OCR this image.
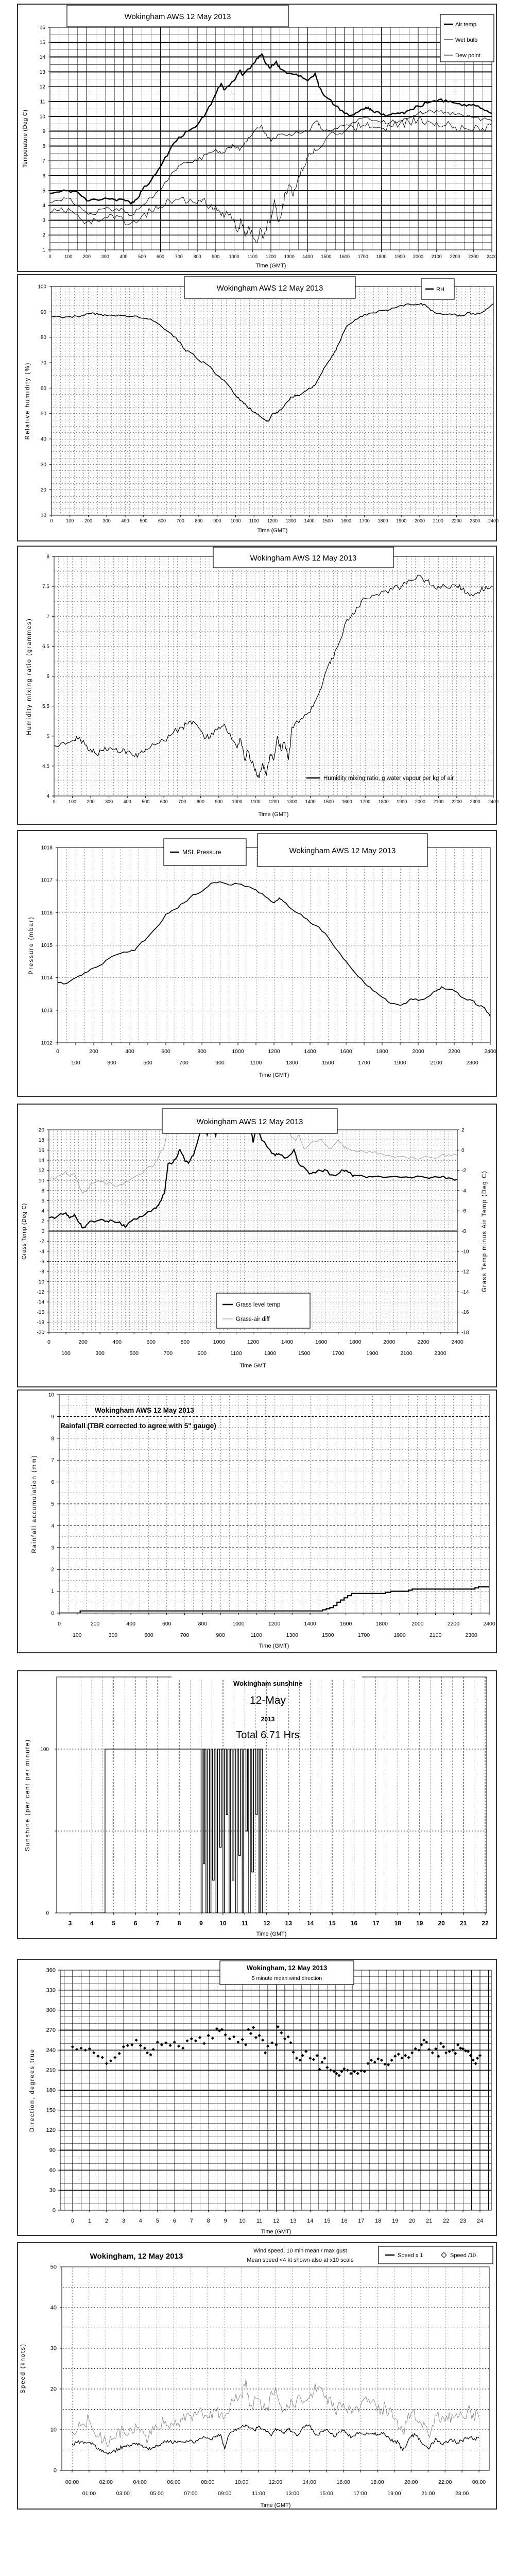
Wokingham AWS 12 May 2013
Air temp
Wet bulb
Dew point
0	100 200 300 400 500 600 700 800 900 1000 1100 1200 1300 1400 1500 1600 1700 1800 1900 2000 2100 2200 2300 2400
16
15
14
13
12
11
10
9
8
7
6
5
4
3
2
1
Time (GMT)
Temperature (Deg C)
Wokingham AWS 12 May 2013	RH
0	100 200 300 400 500 600 700 800 900 1000 1100 1200 1300 1400 1500 1600 1700 1800 1900 2000 2100 2200 2300 2400
100
90
80
70
60
50
40
30
20
10
Time (GMT)
Relative humidity (%)
Wokingham AWS 12 May 2013
Humidity mixing ratio, g water vapour per kg of air
0	100 200 300 400 500 600 700 800 900 1000 1100 1200 1300 1400 1500 1600 1700 1800 1900 2000 2100 2200 2300 2400
8
7.5
7
6.5
6
5.5
5
4.5
4
Time (GMT)
Humidity mixing ratio (grammes)
MSL Pressure	Wokingham AWS 12 May 2013
0
100
200
300
400
500
600
700
800
900
1000
1100
1200
1300
1400
1500
1600
1700
1800
1900
2000
2100
2200
2300
2400
1018
1017
1016
1015
1014
1013
1012
Time (GMT)
Pressure (mbar)
Wokingham AWS 12 May 2013
Grass level temp
Grass-air diff
0
100
200
300
400
500
600
700
800
900
1000
1100
1200
1300
1400
1500
1600
1700
1800
1900
2000
2100
2200
2300
2400
20
18
16
14
12
10
8
6
4
2
0
-2
-4
-6
-8
-10
-12
-14
-16
-18
-20
2
0
-2
-4
-6
-8
-10
-12
-14
-16
-18
Time GMT
Grass Temp (Deg C)	Grass Temp minus Air Temp (Deg C)
Wokingham AWS 12 May 2013
Rainfall (TBR corrected to agree with 5" gauge)
0
100
200
300
400
500
600
700
800
900
1000
1100
1200
1300
1400
1500
1600
1700
1800
1900
2000
2100
2200
2300
2400
10
9
8
7
6
5
4
3
2
1
0
Time (GMT)
Rainfall accumulation (mm)
Wokingham sunshine
12-May
2013
Total 6.71 Hrs
3	4	5	6	7	8	9	10 11 12 13 14 15 16 17 18 19 20 21 22
100
0
Time (GMT)
Sunshine (per cent per minute)
Wokingham, 12 May 2013
5 minute mean wind direction
0 1 2 3 4 5 6 7 8 9 10 11 12 13 14 15 16 17 18 19 20 21 22 23 24
360
330
300
270
240
210
180
150
120
90
60
30
0
Time (GMT)
Direction, degrees true
Wokingham, 12 May 2013
Wind speed, 10 min mean / max gust
Mean speed <4 kt shown also at x10 scale
Speed x 1	Speed /10
00:00
01:00
02:00
03:00
04:00
05:00
06:00
07:00
08:00
09:00
10:00
11:00
12:00
13:00
14:00
15:00
16:00
17:00
18:00
19:00
20:00
21:00
22:00
23:00
00:00
50
40
30
20
10
0
Time (GMT)
Speed (knots)
